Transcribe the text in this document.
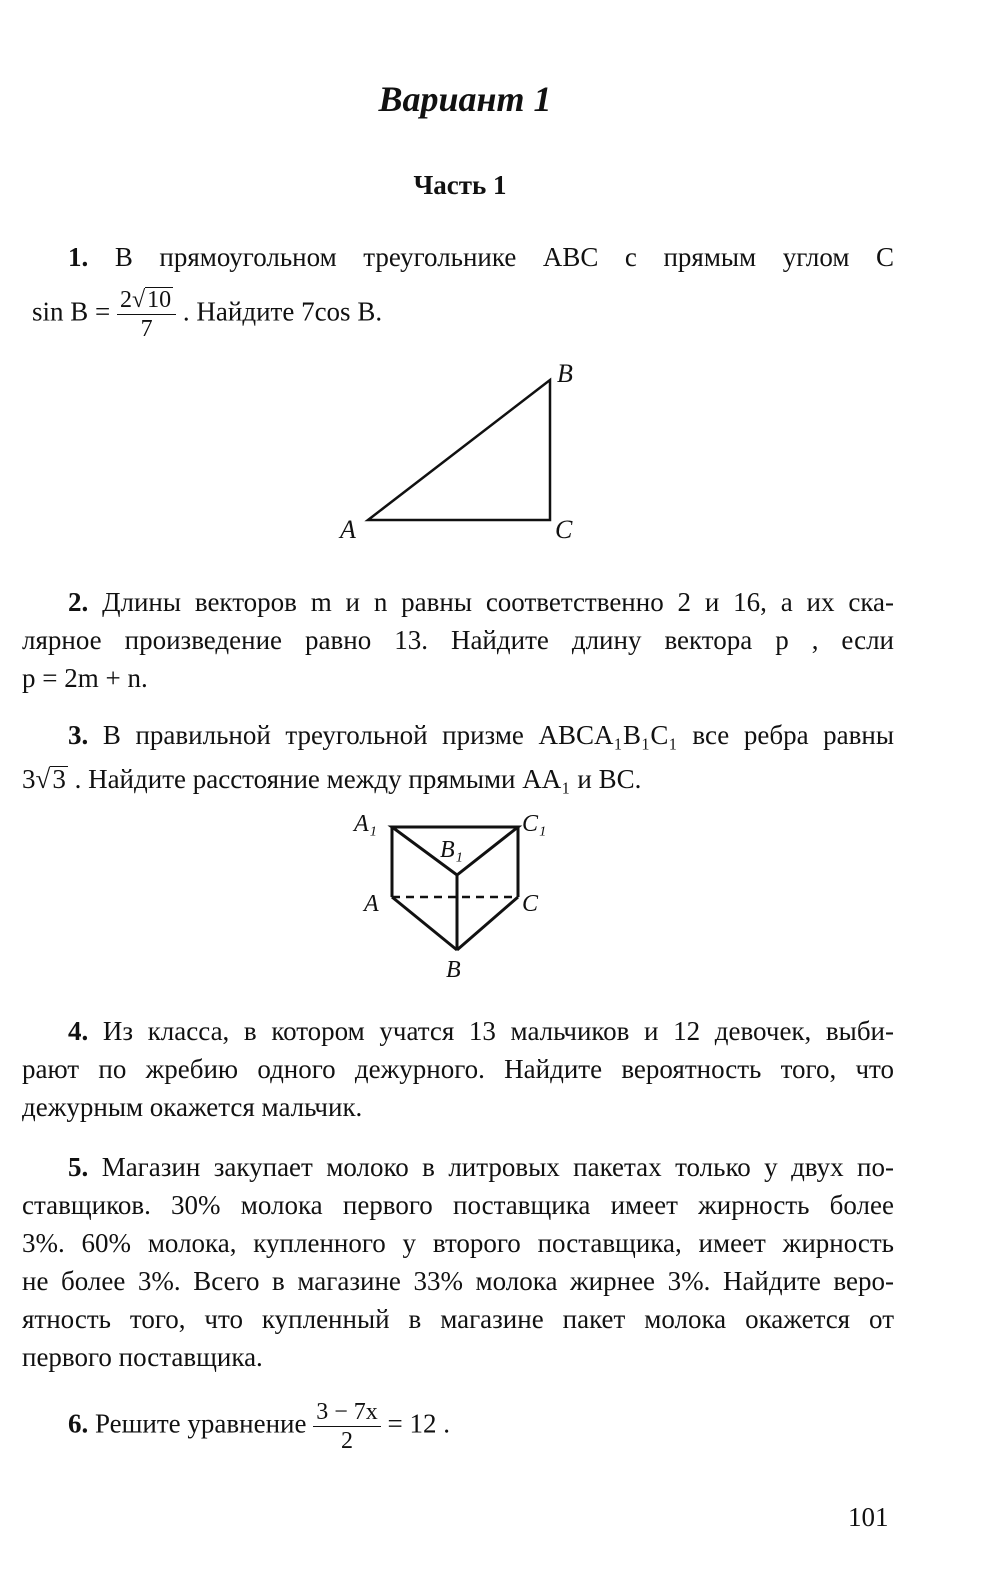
Вариант 1
Часть 1
1. В прямоугольном треугольнике ABC с прямым углом C
$\sin B = \frac{2√10}{7}$ . Найдите 7cos B.
A
B
C
2. Длины векторов m и n равны соответственно 2 и 16, а их ска-
лярное произведение равно 13. Найдите длину вектора p , если
p = 2m + n.
3. В правильной треугольной призме ABCA₁B₁C₁ все ребра равны
3√3 . Найдите расстояние между прямыми AA₁ и BC.
A₁	C₁
B₁
A	C
B
4. Из класса, в котором учатся 13 мальчиков и 12 девочек, выби-
рают по жребию одного дежурного. Найдите вероятность того, что
дежурным окажется мальчик.
5. Магазин закупает молоко в литровых пакетах только у двух по-
ставщиков. 30% молока первого поставщика имеет жирность более
3%. 60% молока, купленного у второго поставщика, имеет жирность
не более 3%. Всего в магазине 33% молока жирнее 3%. Найдите веро-
ятность того, что купленный в магазине пакет молока окажется от
первого поставщика.
6. Решите уравнение $\frac{3 - 7x}{2} = 12$ .
101
